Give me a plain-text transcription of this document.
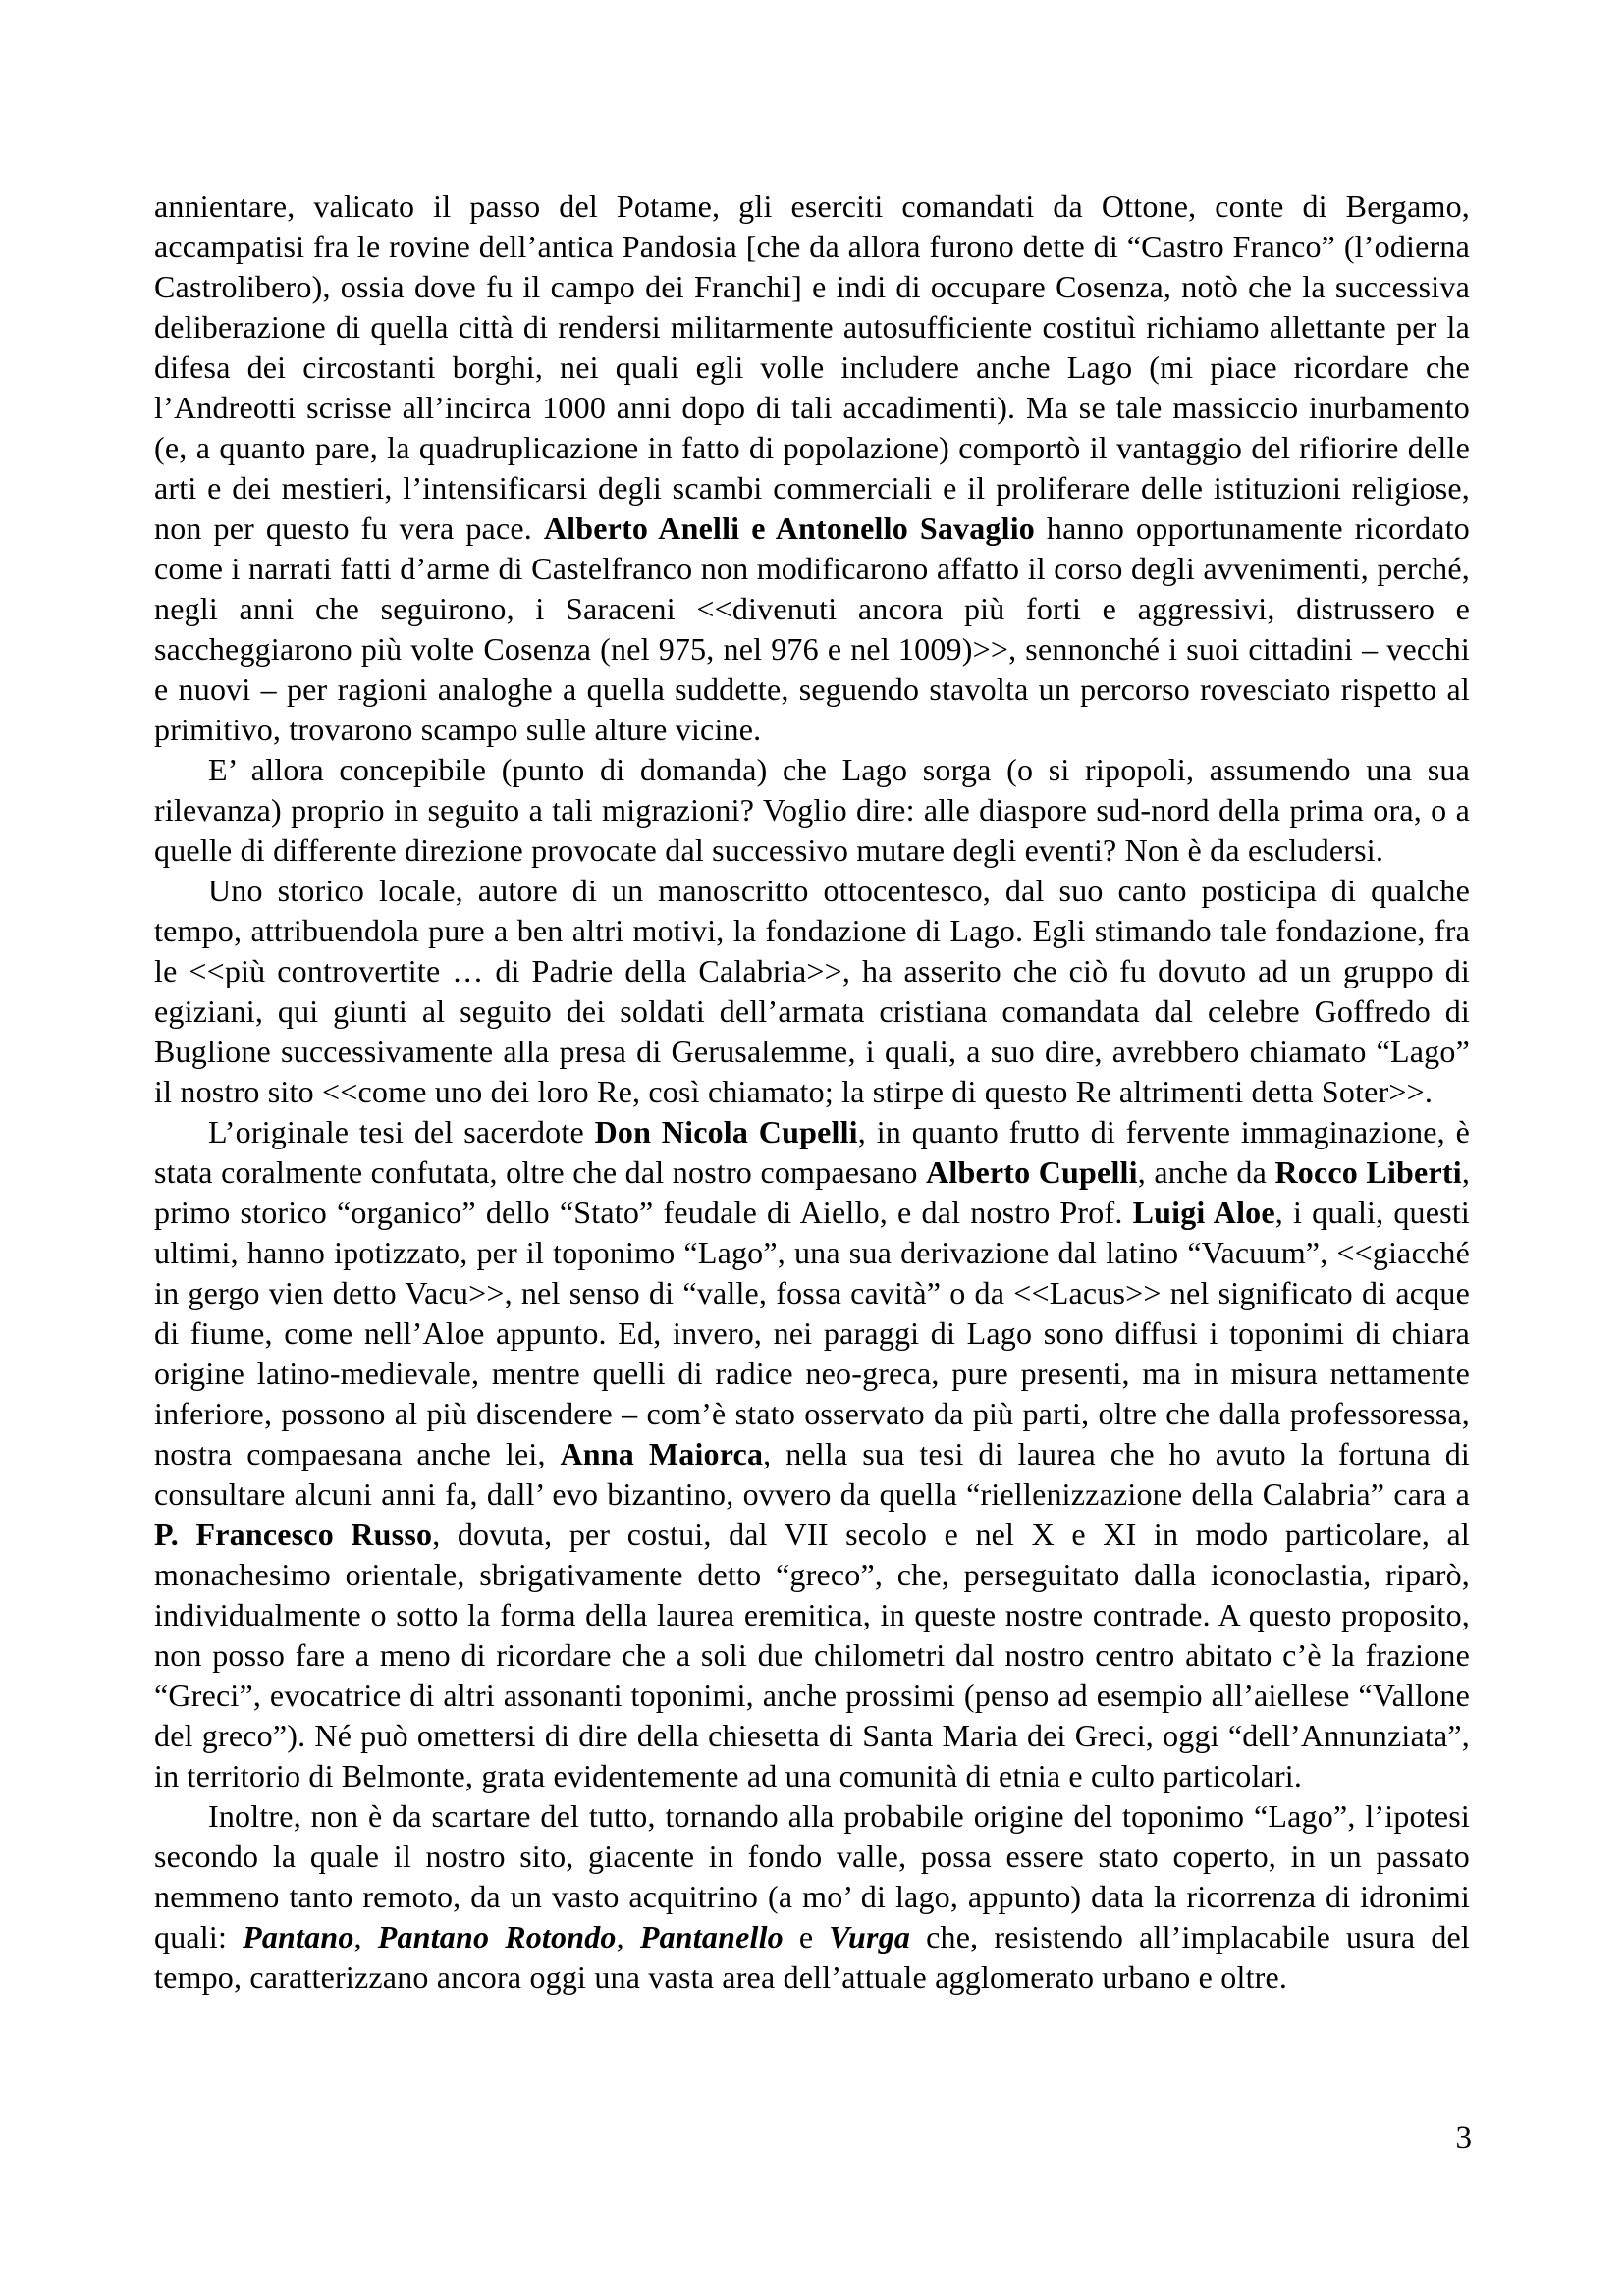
annientare, valicato il passo del Potame, gli eserciti comandati da Ottone, conte di Bergamo, accampatisi fra le rovine dell’antica Pandosia [che da allora furono dette di “Castro Franco” (l’odierna Castrolibero), ossia dove fu il campo dei Franchi] e indi di occupare Cosenza, notò che la successiva deliberazione di quella città di rendersi militarmente autosufficiente costituì richiamo allettante per la difesa dei circostanti borghi, nei quali egli volle includere anche Lago (mi piace ricordare che l’Andreotti scrisse all’incirca 1000 anni dopo di tali accadimenti). Ma se tale massiccio inurbamento (e, a quanto pare, la quadruplicazione in fatto di popolazione) comportò il vantaggio del rifiorire delle arti e dei mestieri, l’intensificarsi degli scambi commerciali e il proliferare delle istituzioni religiose, non per questo fu vera pace. Alberto Anelli e Antonello Savaglio hanno opportunamente ricordato come i narrati fatti d’arme di Castelfranco non modificarono affatto il corso degli avvenimenti, perché, negli anni che seguirono, i Saraceni <<divenuti ancora più forti e aggressivi, distrussero e saccheggiarono più volte Cosenza (nel 975, nel 976 e nel 1009)>>, sennonché i suoi cittadini – vecchi e nuovi – per ragioni analoghe a quella suddette, seguendo stavolta un percorso rovesciato rispetto al primitivo, trovarono scampo sulle alture vicine.

E’ allora concepibile (punto di domanda) che Lago sorga (o si ripopoli, assumendo una sua rilevanza) proprio in seguito a tali migrazioni? Voglio dire: alle diaspore sud-nord della prima ora, o a quelle di differente direzione provocate dal successivo mutare degli eventi? Non è da escludersi.

Uno storico locale, autore di un manoscritto ottocentesco, dal suo canto posticipa di qualche tempo, attribuendola pure a ben altri motivi, la fondazione di Lago. Egli stimando tale fondazione, fra le <<più controvertite … di Padrie della Calabria>>, ha asserito che ciò fu dovuto ad un gruppo di egiziani, qui giunti al seguito dei soldati dell’armata cristiana comandata dal celebre Goffredo di Buglione successivamente alla presa di Gerusalemme, i quali, a suo dire, avrebbero chiamato “Lago” il nostro sito <<come uno dei loro Re, così chiamato; la stirpe di questo Re altrimenti detta Soter>>.

L’originale tesi del sacerdote Don Nicola Cupelli, in quanto frutto di fervente immaginazione, è stata coralmente confutata, oltre che dal nostro compaesano Alberto Cupelli, anche da Rocco Liberti, primo storico “organico” dello “Stato” feudale di Aiello, e dal nostro Prof. Luigi Aloe, i quali, questi ultimi, hanno ipotizzato, per il toponimo “Lago”, una sua derivazione dal latino “Vacuum”, <<giacché in gergo vien detto Vacu>>, nel senso di “valle, fossa cavità” o da <<Lacus>> nel significato di acque di fiume, come nell’Aloe appunto. Ed, invero, nei paraggi di Lago sono diffusi i toponimi di chiara origine latino-medievale, mentre quelli di radice neo-greca, pure presenti, ma in misura nettamente inferiore, possono al più discendere – com’è stato osservato da più parti, oltre che dalla professoressa, nostra compaesana anche lei, Anna Maiorca, nella sua tesi di laurea che ho avuto la fortuna di consultare alcuni anni fa, dall’ evo bizantino, ovvero da quella “riellenizzazione della Calabria” cara a P. Francesco Russo, dovuta, per costui, dal VII secolo e nel X e XI in modo particolare, al monachesimo orientale, sbrigativamente detto “greco”, che, perseguitato dalla iconoclastia, riparò, individualmente o sotto la forma della laurea eremitica, in queste nostre contrade. A questo proposito, non posso fare a meno di ricordare che a soli due chilometri dal nostro centro abitato c’è la frazione “Greci”, evocatrice di altri assonanti toponimi, anche prossimi (penso ad esempio all’aiellese “Vallone del greco”). Né può omettersi di dire della chiesetta di Santa Maria dei Greci, oggi “dell’Annunziata”, in territorio di Belmonte, grata evidentemente ad una comunità di etnia e culto particolari.

Inoltre, non è da scartare del tutto, tornando alla probabile origine del toponimo “Lago”, l’ipotesi secondo la quale il nostro sito, giacente in fondo valle, possa essere stato coperto, in un passato nemmeno tanto remoto, da un vasto acquitrino (a mo’ di lago, appunto) data la ricorrenza di idronimi quali: Pantano, Pantano Rotondo, Pantanello e Vurga che, resistendo all’implacabile usura del tempo, caratterizzano ancora oggi una vasta area dell’attuale agglomerato urbano e oltre.

3
